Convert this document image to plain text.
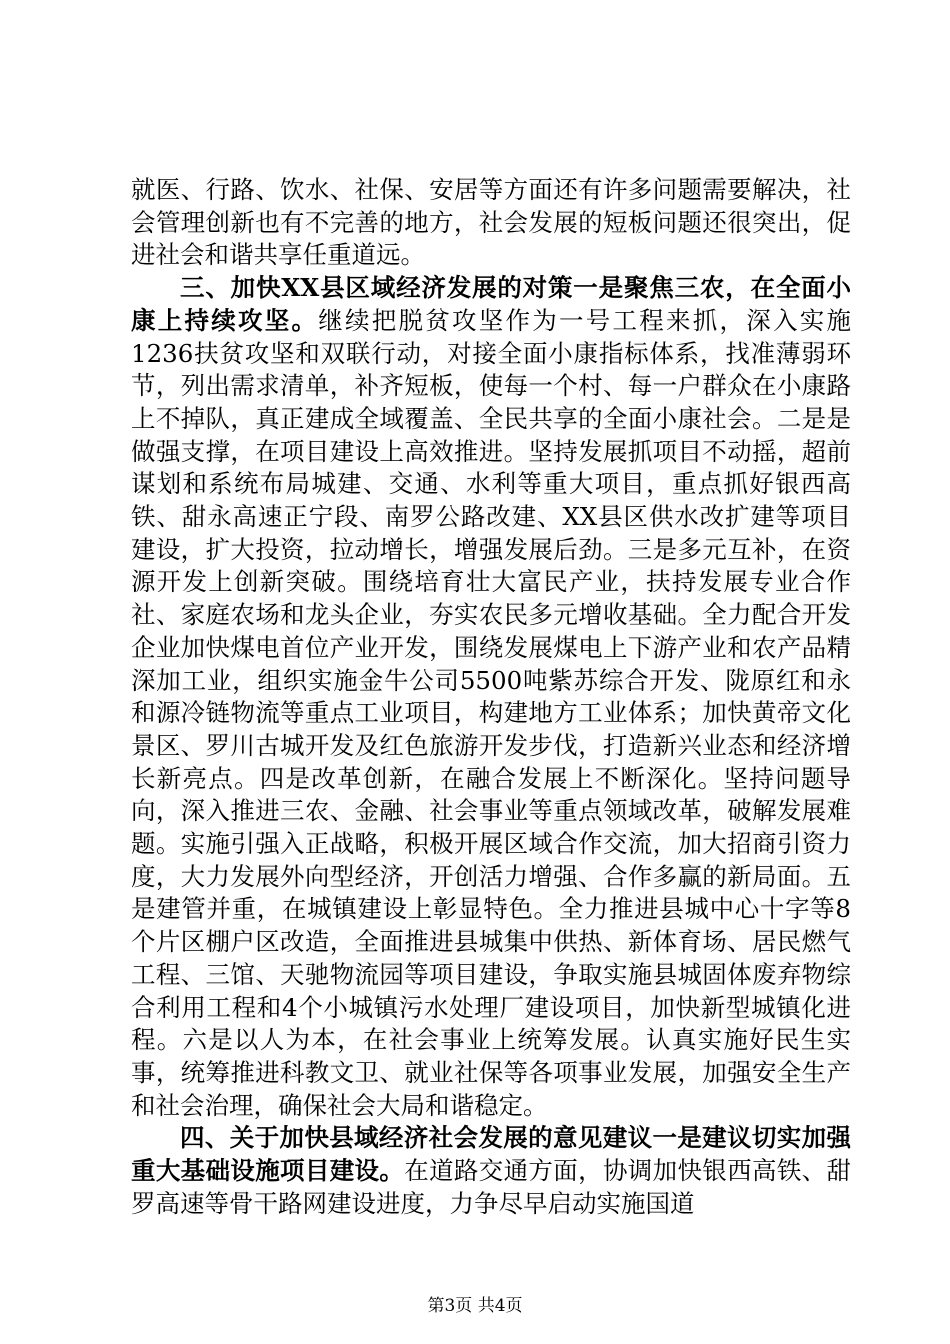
就医、行路、饮水、社保、安居等方面还有许多问题需要解决，社会管理创新也有不完善的地方，社会发展的短板问题还很突出，促进社会和谐共享任重道远。

三、加快XX县区域经济发展的对策一是聚焦三农，在全面小康上持续攻坚。继续把脱贫攻坚作为一号工程来抓，深入实施1236扶贫攻坚和双联行动，对接全面小康指标体系，找准薄弱环节，列出需求清单，补齐短板，使每一个村、每一户群众在小康路上不掉队，真正建成全域覆盖、全民共享的全面小康社会。二是是做强支撑，在项目建设上高效推进。坚持发展抓项目不动摇，超前谋划和系统布局城建、交通、水利等重大项目，重点抓好银西高铁、甜永高速正宁段、南罗公路改建、XX县区供水改扩建等项目建设，扩大投资，拉动增长，增强发展后劲。三是多元互补，在资源开发上创新突破。围绕培育壮大富民产业，扶持发展专业合作社、家庭农场和龙头企业，夯实农民多元增收基础。全力配合开发企业加快煤电首位产业开发，围绕发展煤电上下游产业和农产品精深加工业，组织实施金牛公司5500吨紫苏综合开发、陇原红和永和源冷链物流等重点工业项目，构建地方工业体系；加快黄帝文化景区、罗川古城开发及红色旅游开发步伐，打造新兴业态和经济增长新亮点。四是改革创新，在融合发展上不断深化。坚持问题导向，深入推进三农、金融、社会事业等重点领域改革，破解发展难题。实施引强入正战略，积极开展区域合作交流，加大招商引资力度，大力发展外向型经济，开创活力增强、合作多赢的新局面。五是建管并重，在城镇建设上彰显特色。全力推进县城中心十字等8个片区棚户区改造，全面推进县城集中供热、新体育场、居民燃气工程、三馆、天驰物流园等项目建设，争取实施县城固体废弃物综合利用工程和4个小城镇污水处理厂建设项目，加快新型城镇化进程。六是以人为本，在社会事业上统筹发展。认真实施好民生实事，统筹推进科教文卫、就业社保等各项事业发展，加强安全生产和社会治理，确保社会大局和谐稳定。

四、关于加快县域经济社会发展的意见建议一是建议切实加强重大基础设施项目建设。在道路交通方面，协调加快银西高铁、甜罗高速等骨干路网建设进度，力争尽早启动实施国道

第3页 共4页
